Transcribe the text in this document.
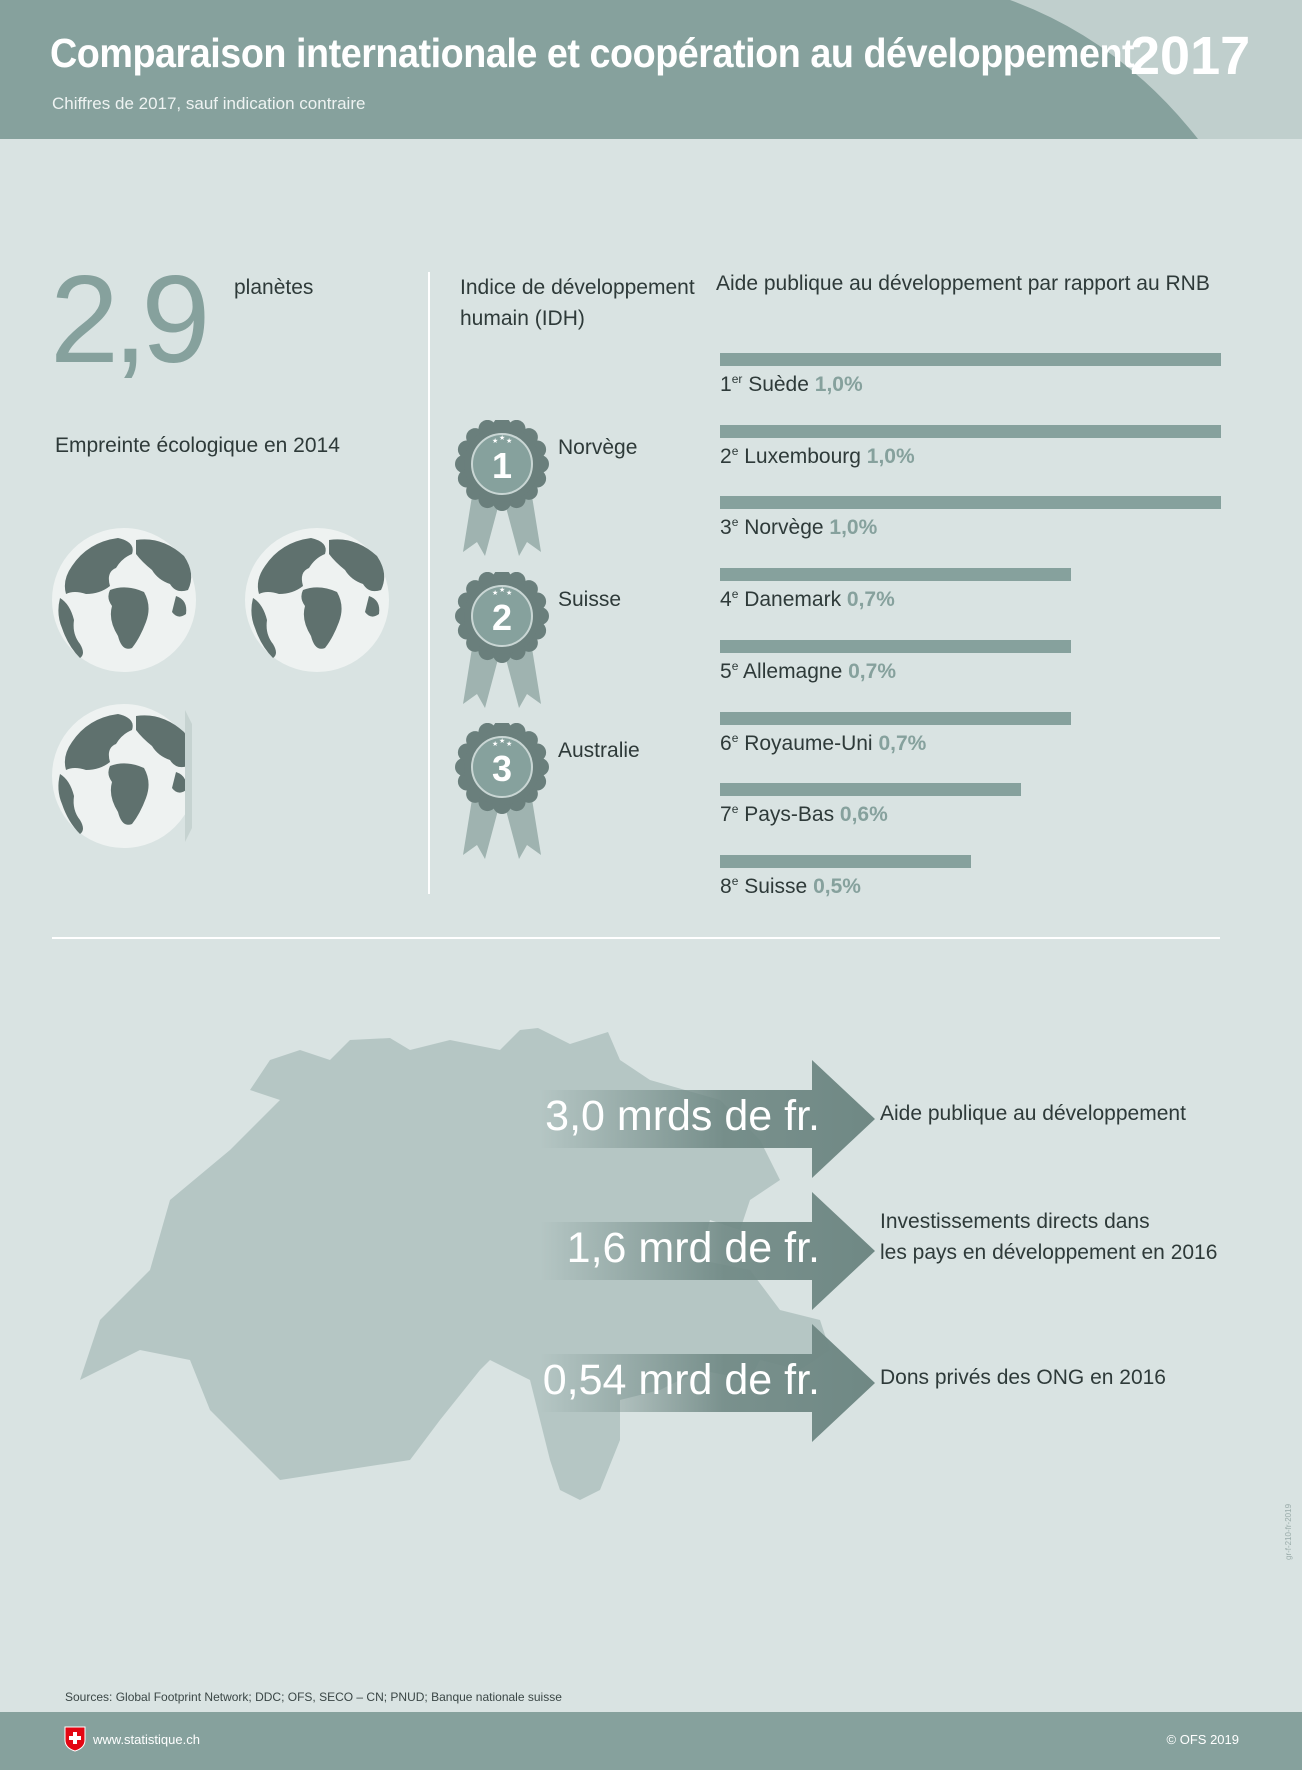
Comparaison internationale et coopération au développement
Chiffres de 2017, sauf indication contraire
2017
2,9 planètes
Empreinte écologique en 2014
Indice de développement humain (IDH)
★ ★ ★
1 Norvège
★ ★ ★
2 Suisse
★ ★ ★
3 Australie
Aide publique au développement par rapport au RNB
1er Suède 1,0%
2e Luxembourg 1,0%
3e Norvège 1,0%
4e Danemark 0,7%
5e Allemagne 0,7%
6e Royaume-Uni 0,7%
7e Pays-Bas 0,6%
8e Suisse 0,5%
3,0 mrds de fr.	Aide publique au développement
1,6 mrd de fr.
Investissements directs dans
les pays en développement en 2016
0,54 mrd de fr.	Dons privés des ONG en 2016
Sources: Global Footprint Network; DDC; OFS, SECO – CN; PNUD; Banque nationale suisse
gr-f-210-fr-2019
www.statistique.ch	© OFS 2019
